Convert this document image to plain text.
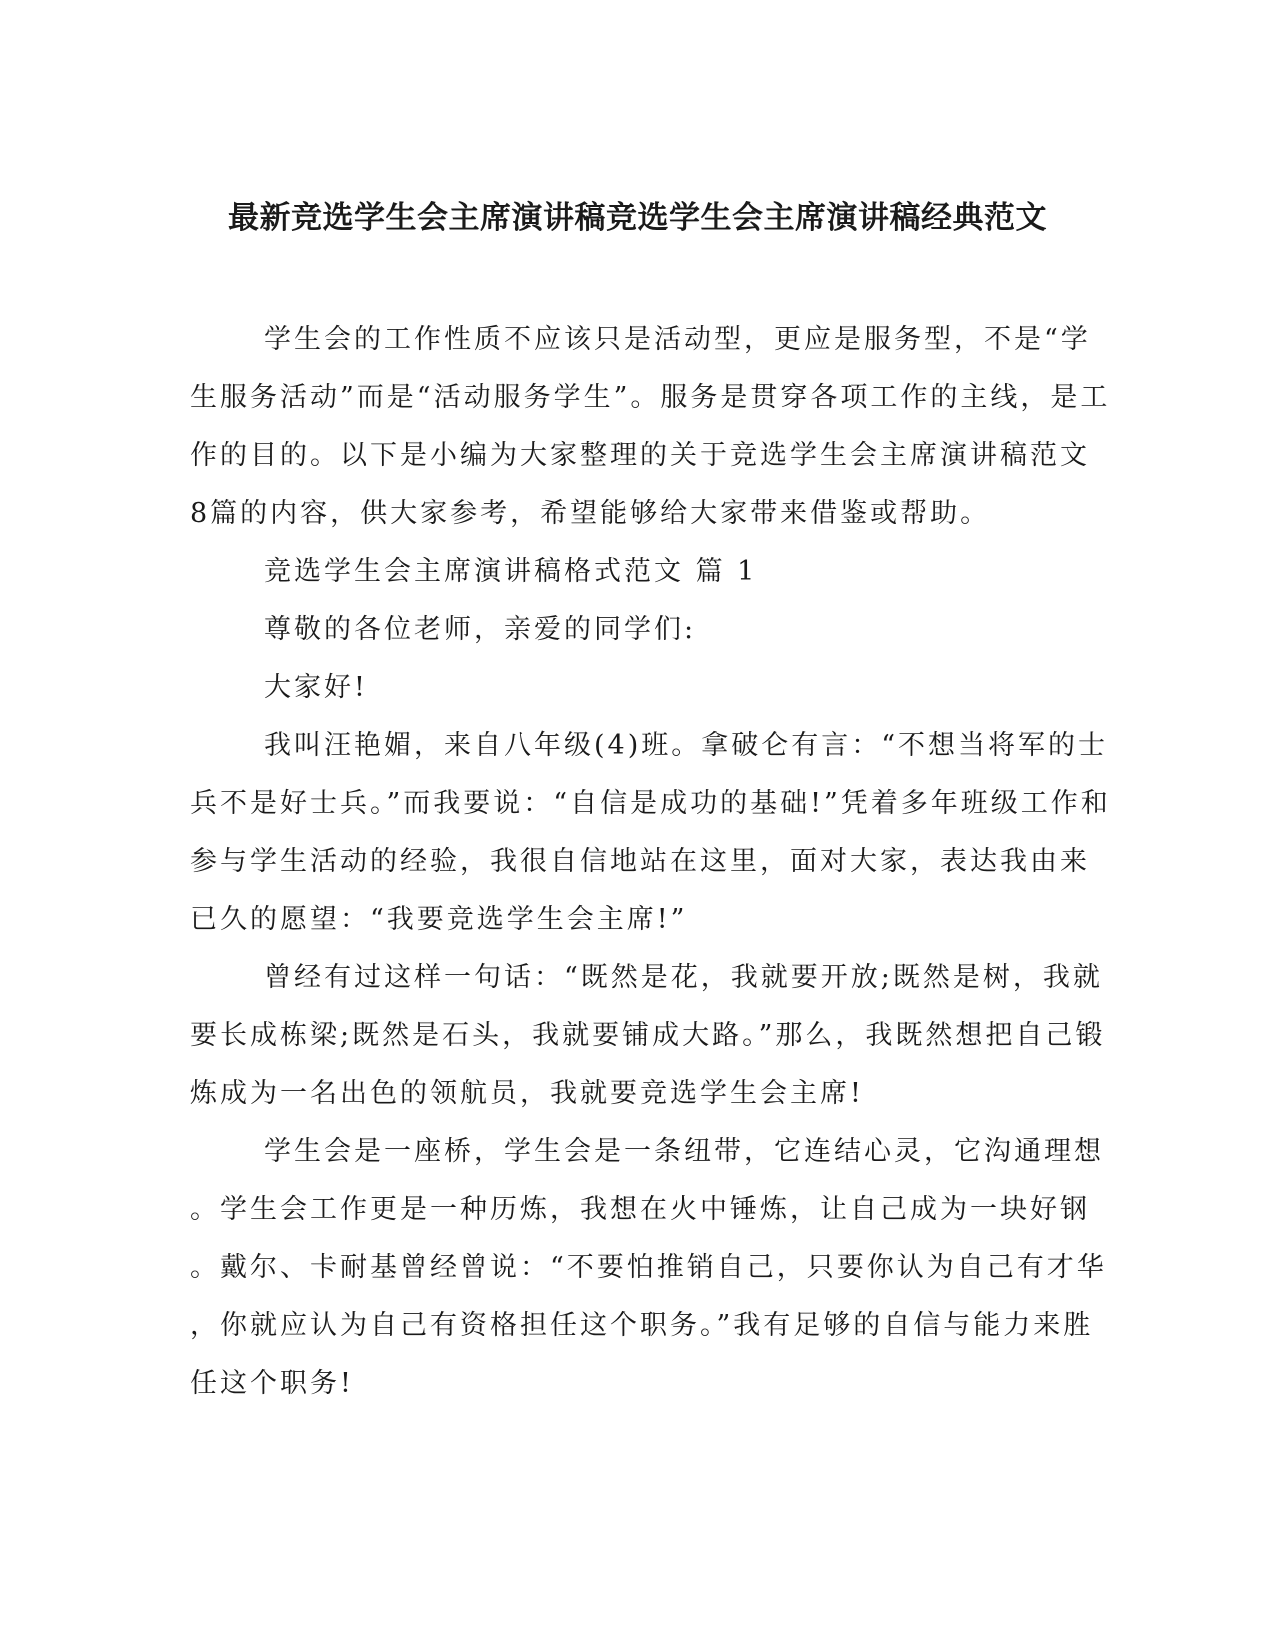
最新竞选学生会主席演讲稿竞选学生会主席演讲稿经典范文

学生会的工作性质不应该只是活动型，更应是服务型，不是“学

生服务活动”而是“活动服务学生”。服务是贯穿各项工作的主线，是工

作的目的。以下是小编为大家整理的关于竞选学生会主席演讲稿范文

8篇的内容，供大家参考，希望能够给大家带来借鉴或帮助。

竞选学生会主席演讲稿格式范文 篇 1

尊敬的各位老师，亲爱的同学们:

大家好!

我叫汪艳媚，来自八年级(4)班。拿破仑有言：“不想当将军的士

兵不是好士兵。”而我要说：“自信是成功的基础!”凭着多年班级工作和

参与学生活动的经验，我很自信地站在这里，面对大家，表达我由来

已久的愿望：“我要竞选学生会主席!”

曾经有过这样一句话：“既然是花，我就要开放;既然是树，我就

要长成栋梁;既然是石头，我就要铺成大路。”那么，我既然想把自己锻

炼成为一名出色的领航员，我就要竞选学生会主席!

学生会是一座桥，学生会是一条纽带，它连结心灵，它沟通理想

。学生会工作更是一种历炼，我想在火中锤炼，让自己成为一块好钢

。戴尔、卡耐基曾经曾说：“不要怕推销自己，只要你认为自己有才华

，你就应认为自己有资格担任这个职务。”我有足够的自信与能力来胜

任这个职务!
